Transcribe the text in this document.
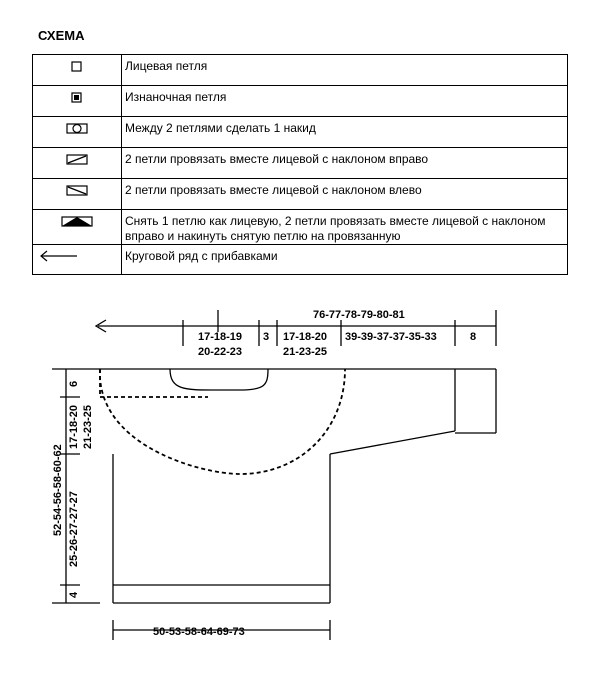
СХЕМА
	Лицевая петля

	Изнаночная петля

	Между 2 петлями сделать 1 накид

	2 петли провязать вместе лицевой с наклоном вправо

	2 петли провязать вместе лицевой с наклоном влево

	Снять 1 петлю как лицевую, 2 петли провязать вместе лицевой с наклоном вправо и накинуть снятую петлю на провязанную

	Круговой ряд с прибавками
76-77-78-79-80-81
17-18-19
20-22-23
3 17-18-20
21-23-25
39-39-37-37-35-33	8
50-53-58-64-69-73
52-54-56-58-60-62
6
17-18-20 21-23-25
25-26-27-27-27
4
